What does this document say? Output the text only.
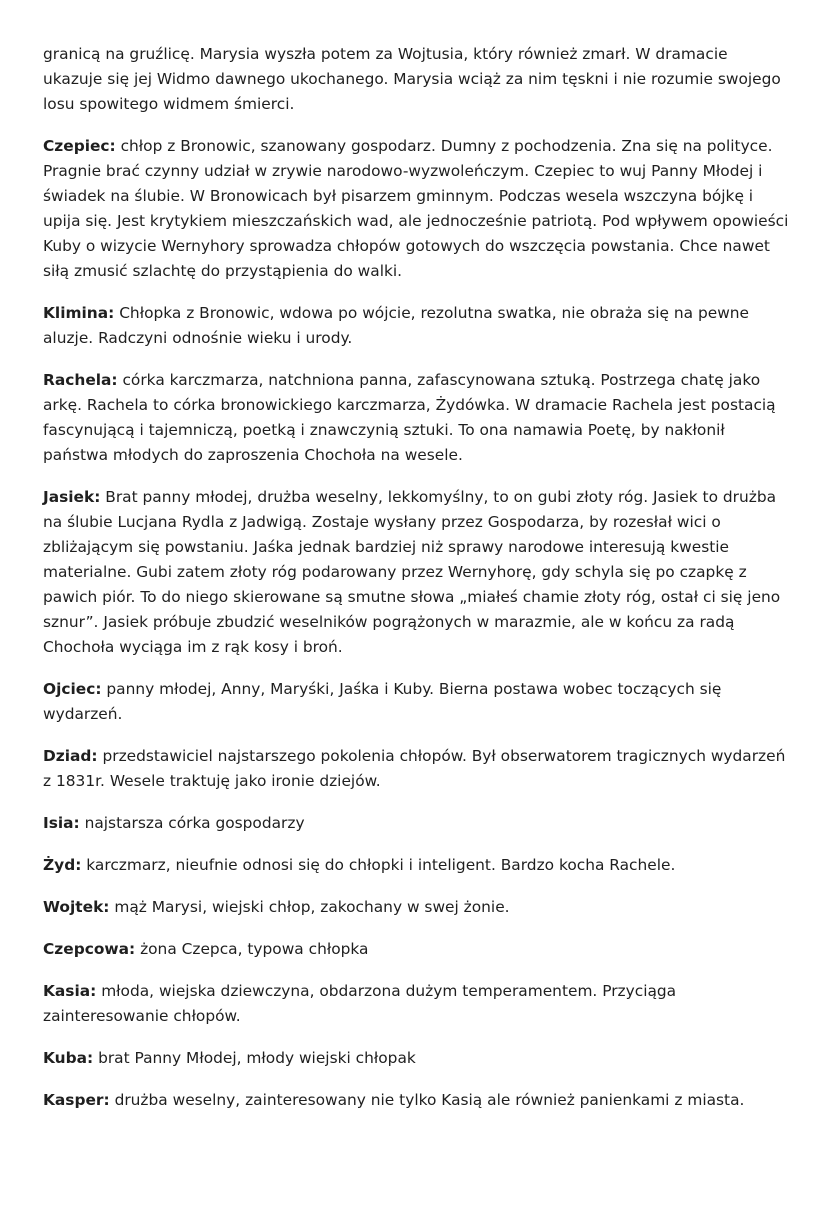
granicą na gruźlicę. Marysia wyszła potem za Wojtusia, który również zmarł. W dramacie ukazuje się jej Widmo dawnego ukochanego. Marysia wciąż za nim tęskni i nie rozumie swojego losu spowitego widmem śmierci.

Czepiec: chłop z Bronowic, szanowany gospodarz. Dumny z pochodzenia. Zna się na polityce. Pragnie brać czynny udział w zrywie narodowo-wyzwoleńczym. Czepiec to wuj Panny Młodej i świadek na ślubie. W Bronowicach był pisarzem gminnym. Podczas wesela wszczyna bójkę i upija się. Jest krytykiem mieszczańskich wad, ale jednocześnie patriotą. Pod wpływem opowieści Kuby o wizycie Wernyhory sprowadza chłopów gotowych do wszczęcia powstania. Chce nawet siłą zmusić szlachtę do przystąpienia do walki.

Klimina: Chłopka z Bronowic, wdowa po wójcie, rezolutna swatka, nie obraża się na pewne aluzje. Radczyni odnośnie wieku i urody.

Rachela: córka karczmarza, natchniona panna, zafascynowana sztuką. Postrzega chatę jako arkę. Rachela to córka bronowickiego karczmarza, Żydówka. W dramacie Rachela jest postacią fascynującą i tajemniczą, poetką i znawczynią sztuki. To ona namawia Poetę, by nakłonił państwa młodych do zaproszenia Chochoła na wesele.

Jasiek: Brat panny młodej, drużba weselny, lekkomyślny, to on gubi złoty róg. Jasiek to drużba na ślubie Lucjana Rydla z Jadwigą. Zostaje wysłany przez Gospodarza, by rozesłał wici o zbliżającym się powstaniu. Jaśka jednak bardziej niż sprawy narodowe interesują kwestie materialne. Gubi zatem złoty róg podarowany przez Wernyhorę, gdy schyla się po czapkę z pawich piór. To do niego skierowane są smutne słowa „miałeś chamie złoty róg, ostał ci się jeno sznur”. Jasiek próbuje zbudzić weselników pogrążonych w marazmie, ale w końcu za radą Chochoła wyciąga im z rąk kosy i broń.

Ojciec: panny młodej, Anny, Maryśki, Jaśka i Kuby. Bierna postawa wobec toczących się wydarzeń.

Dziad: przedstawiciel najstarszego pokolenia chłopów. Był obserwatorem tragicznych wydarzeń z 1831r. Wesele traktuję jako ironie dziejów.

Isia: najstarsza córka gospodarzy

Żyd: karczmarz, nieufnie odnosi się do chłopki i inteligent. Bardzo kocha Rachele.

Wojtek: mąż Marysi, wiejski chłop, zakochany w swej żonie.

Czepcowa: żona Czepca, typowa chłopka

Kasia: młoda, wiejska dziewczyna, obdarzona dużym temperamentem. Przyciąga zainteresowanie chłopów.

Kuba: brat Panny Młodej, młody wiejski chłopak

Kasper: drużba weselny, zainteresowany nie tylko Kasią ale również panienkami z miasta.
